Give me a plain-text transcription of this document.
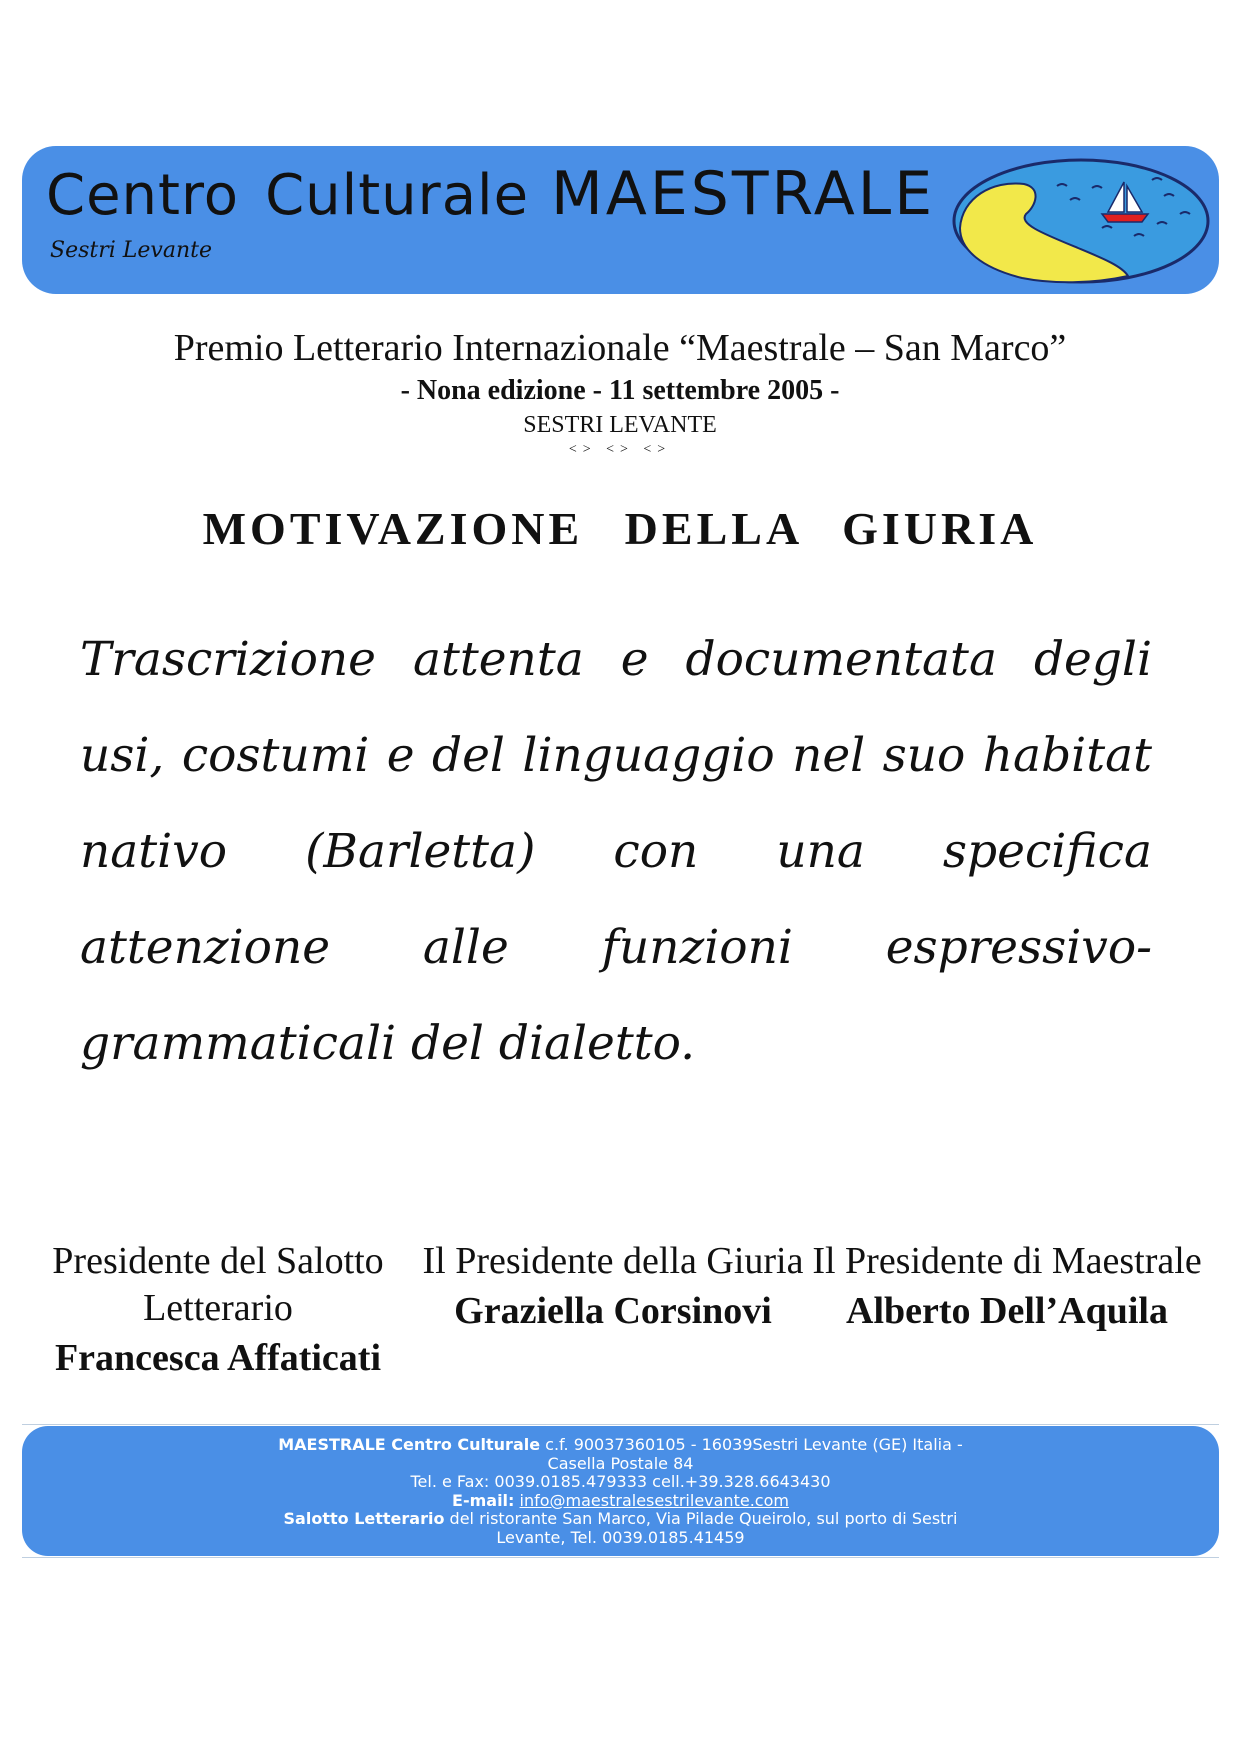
Centro Culturale MAESTRALE
Sestri Levante

Premio Letterario Internazionale “Maestrale – San Marco”

- Nona edizione - 11 settembre 2005 -

SESTRI LEVANTE

<> <> <>

MOTIVAZIONE DELLA GIURIA

Trascrizione attenta e documentata degli usi, costumi e del linguaggio nel suo habitat nativo (Barletta) con una specifica attenzione alle funzioni espressivo-grammaticali del dialetto.

Presidente del Salotto Letterario
Francesca Affaticati
Il Presidente della Giuria
Graziella Corsinovi
Il Presidente di Maestrale
Alberto Dell’Aquila
MAESTRALE Centro Culturale c.f. 90037360105 - 16039Sestri Levante (GE) Italia - Casella Postale 84
Tel. e Fax: 0039.0185.479333 cell.+39.328.6643430
E-mail: info@maestralesestrilevante.com
Salotto Letterario del ristorante San Marco, Via Pilade Queirolo, sul porto di Sestri Levante, Tel. 0039.0185.41459
